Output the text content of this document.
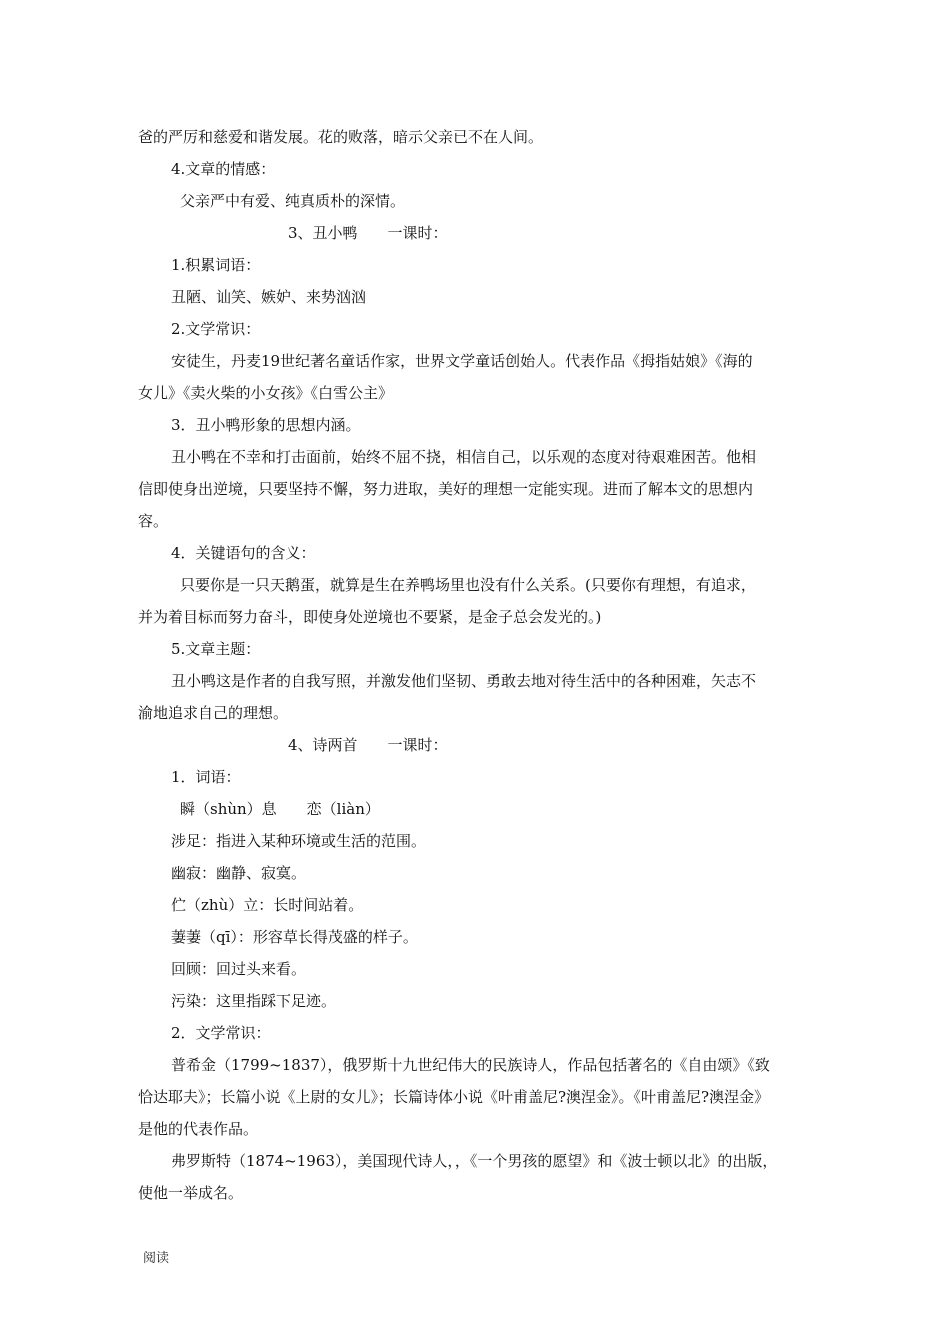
爸的严厉和慈爱和谐发展。花的败落，暗示父亲已不在人间。
4.文章的情感：
父亲严中有爱、纯真质朴的深情。
3、丑小鸭　　一课时：
1.积累词语：
丑陋、讪笑、嫉妒、来势汹汹
2.文学常识：
安徒生，丹麦19世纪著名童话作家，世界文学童话创始人。代表作品《拇指姑娘》《海的
女儿》《卖火柴的小女孩》《白雪公主》
3．丑小鸭形象的思想内涵。
丑小鸭在不幸和打击面前，始终不屈不挠，相信自己，以乐观的态度对待艰难困苦。他相
信即使身出逆境，只要坚持不懈，努力进取，美好的理想一定能实现。进而了解本文的思想内
容。
4．关键语句的含义：
只要你是一只天鹅蛋，就算是生在养鸭场里也没有什么关系。(只要你有理想，有追求，
并为着目标而努力奋斗，即使身处逆境也不要紧，是金子总会发光的。)
5.文章主题：
丑小鸭这是作者的自我写照，并激发他们坚韧、勇敢去地对待生活中的各种困难，矢志不
渝地追求自己的理想。
4、诗两首　　一课时：
1．词语：
瞬（shùn）息　　恋（liàn）
涉足：指进入某种环境或生活的范围。
幽寂：幽静、寂寞。
伫（zhù）立：长时间站着。
萋萋（qī）：形容草长得茂盛的样子。
回顾：回过头来看。
污染：这里指踩下足迹。
2．文学常识：
普希金（1799~1837），俄罗斯十九世纪伟大的民族诗人，作品包括著名的《自由颂》《致
恰达耶夫》；长篇小说《上尉的女儿》；长篇诗体小说《叶甫盖尼?澳涅金》。《叶甫盖尼?澳涅金》
是他的代表作品。
弗罗斯特（1874~1963），美国现代诗人，，《一个男孩的愿望》和《波士顿以北》的出版，
使他一举成名。
阅读
